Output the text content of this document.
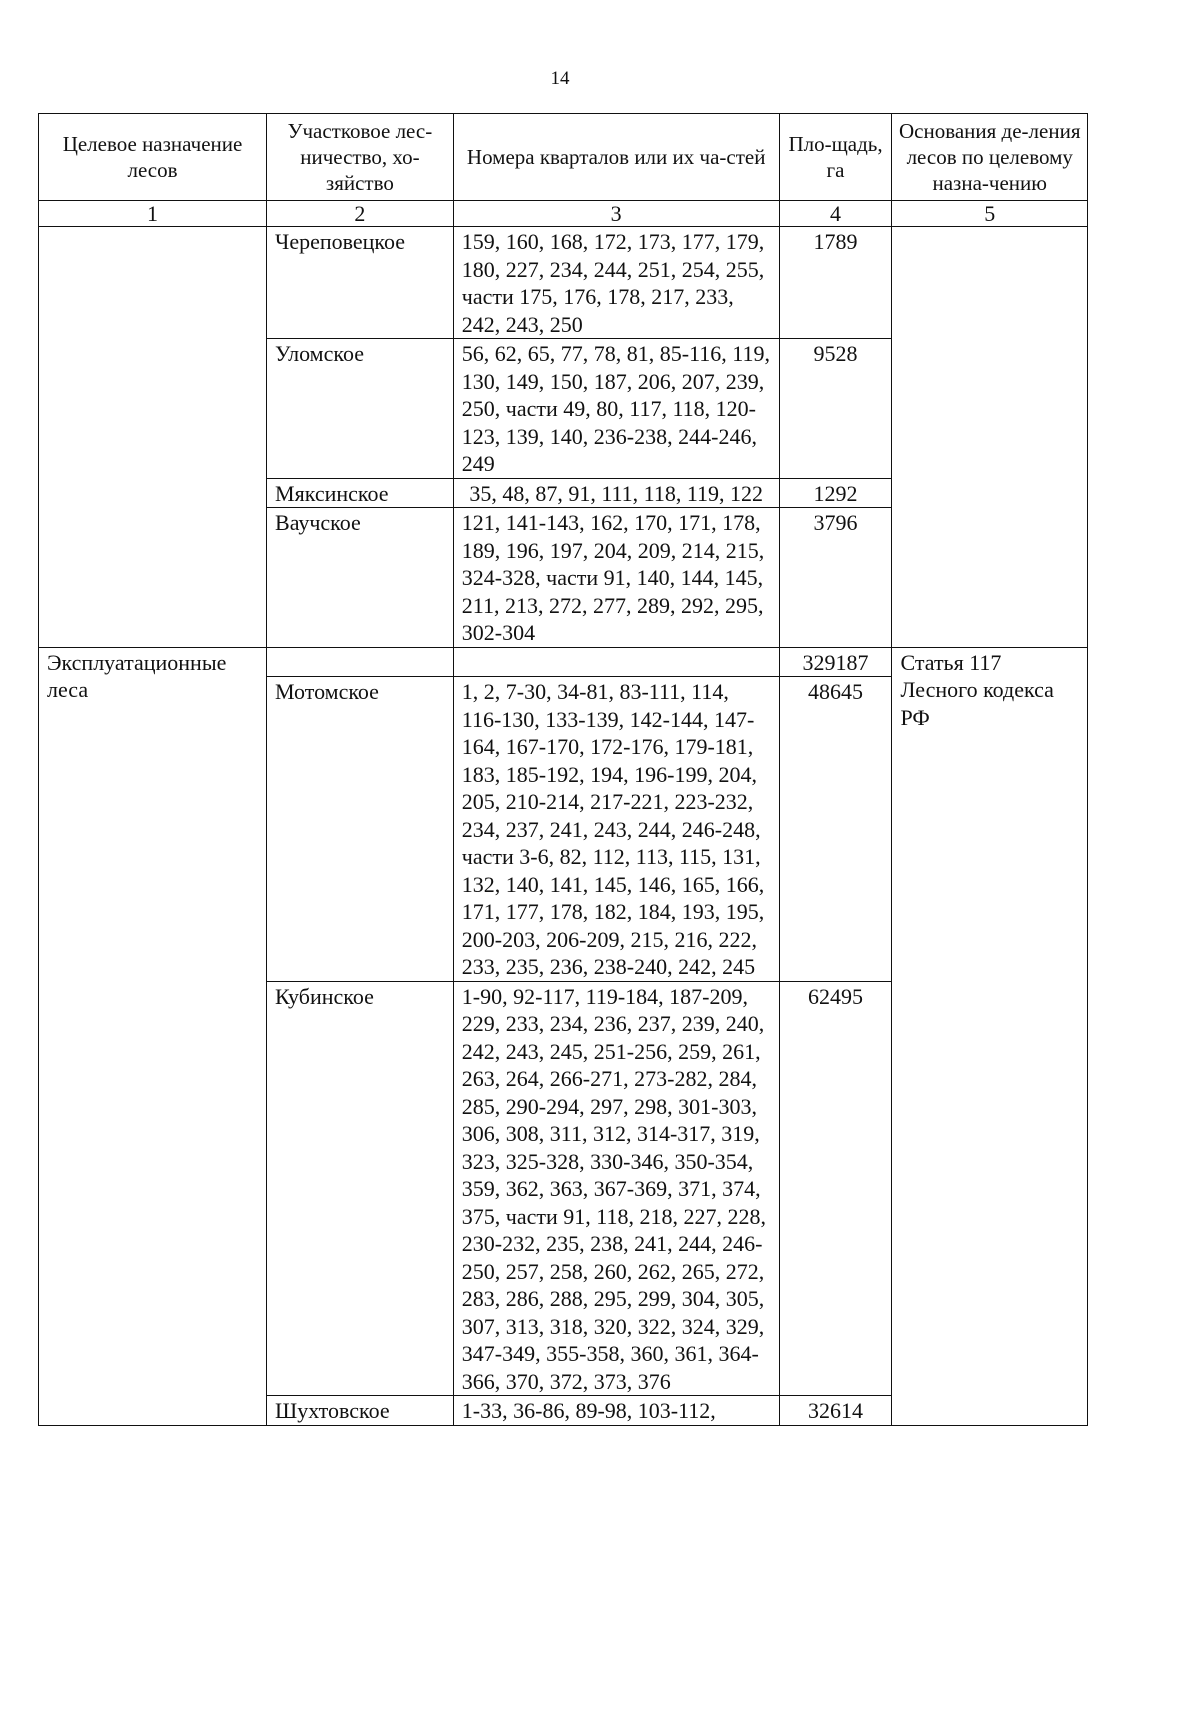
14
Целевое назначение лесов	Участковое лес-ничество, хо-зяйство	Номера кварталов или их ча-стей	Пло-щадь, га	Основания де-ления лесов по целевому назна-чению
1	2	3	4	5
	Череповецкое	159, 160, 168, 172, 173, 177, 179, 180, 227, 234, 244, 251, 254, 255, части 175, 176, 178, 217, 233, 242, 243, 250	1789	
	Уломское	56, 62, 65, 77, 78, 81, 85-116, 119, 130, 149, 150, 187, 206, 207, 239, 250, части 49, 80, 117, 118, 120-123, 139, 140, 236-238, 244-246, 249	9528	
	Мяксинское	35, 48, 87, 91, 111, 118, 119, 122	1292	
	Ваучское	121, 141-143, 162, 170, 171, 178, 189, 196, 197, 204, 209, 214, 215, 324-328, части 91, 140, 144, 145, 211, 213, 272, 277, 289, 292, 295, 302-304	3796	
Эксплуатационные леса			329187	Статья 117 Лесного кодекса РФ
	Мотомское	1, 2, 7-30, 34-81, 83-111, 114, 116-130, 133-139, 142-144, 147-164, 167-170, 172-176, 179-181, 183, 185-192, 194, 196-199, 204, 205, 210-214, 217-221, 223-232, 234, 237, 241, 243, 244, 246-248, части 3-6, 82, 112, 113, 115, 131, 132, 140, 141, 145, 146, 165, 166, 171, 177, 178, 182, 184, 193, 195, 200-203, 206-209, 215, 216, 222, 233, 235, 236, 238-240, 242, 245	48645	
	Кубинское	1-90, 92-117, 119-184, 187-209, 229, 233, 234, 236, 237, 239, 240, 242, 243, 245, 251-256, 259, 261, 263, 264, 266-271, 273-282, 284, 285, 290-294, 297, 298, 301-303, 306, 308, 311, 312, 314-317, 319, 323, 325-328, 330-346, 350-354, 359, 362, 363, 367-369, 371, 374, 375, части 91, 118, 218, 227, 228, 230-232, 235, 238, 241, 244, 246-250, 257, 258, 260, 262, 265, 272, 283, 286, 288, 295, 299, 304, 305, 307, 313, 318, 320, 322, 324, 329, 347-349, 355-358, 360, 361, 364-366, 370, 372, 373, 376	62495	
	Шухтовское	1-33, 36-86, 89-98, 103-112,	32614	
